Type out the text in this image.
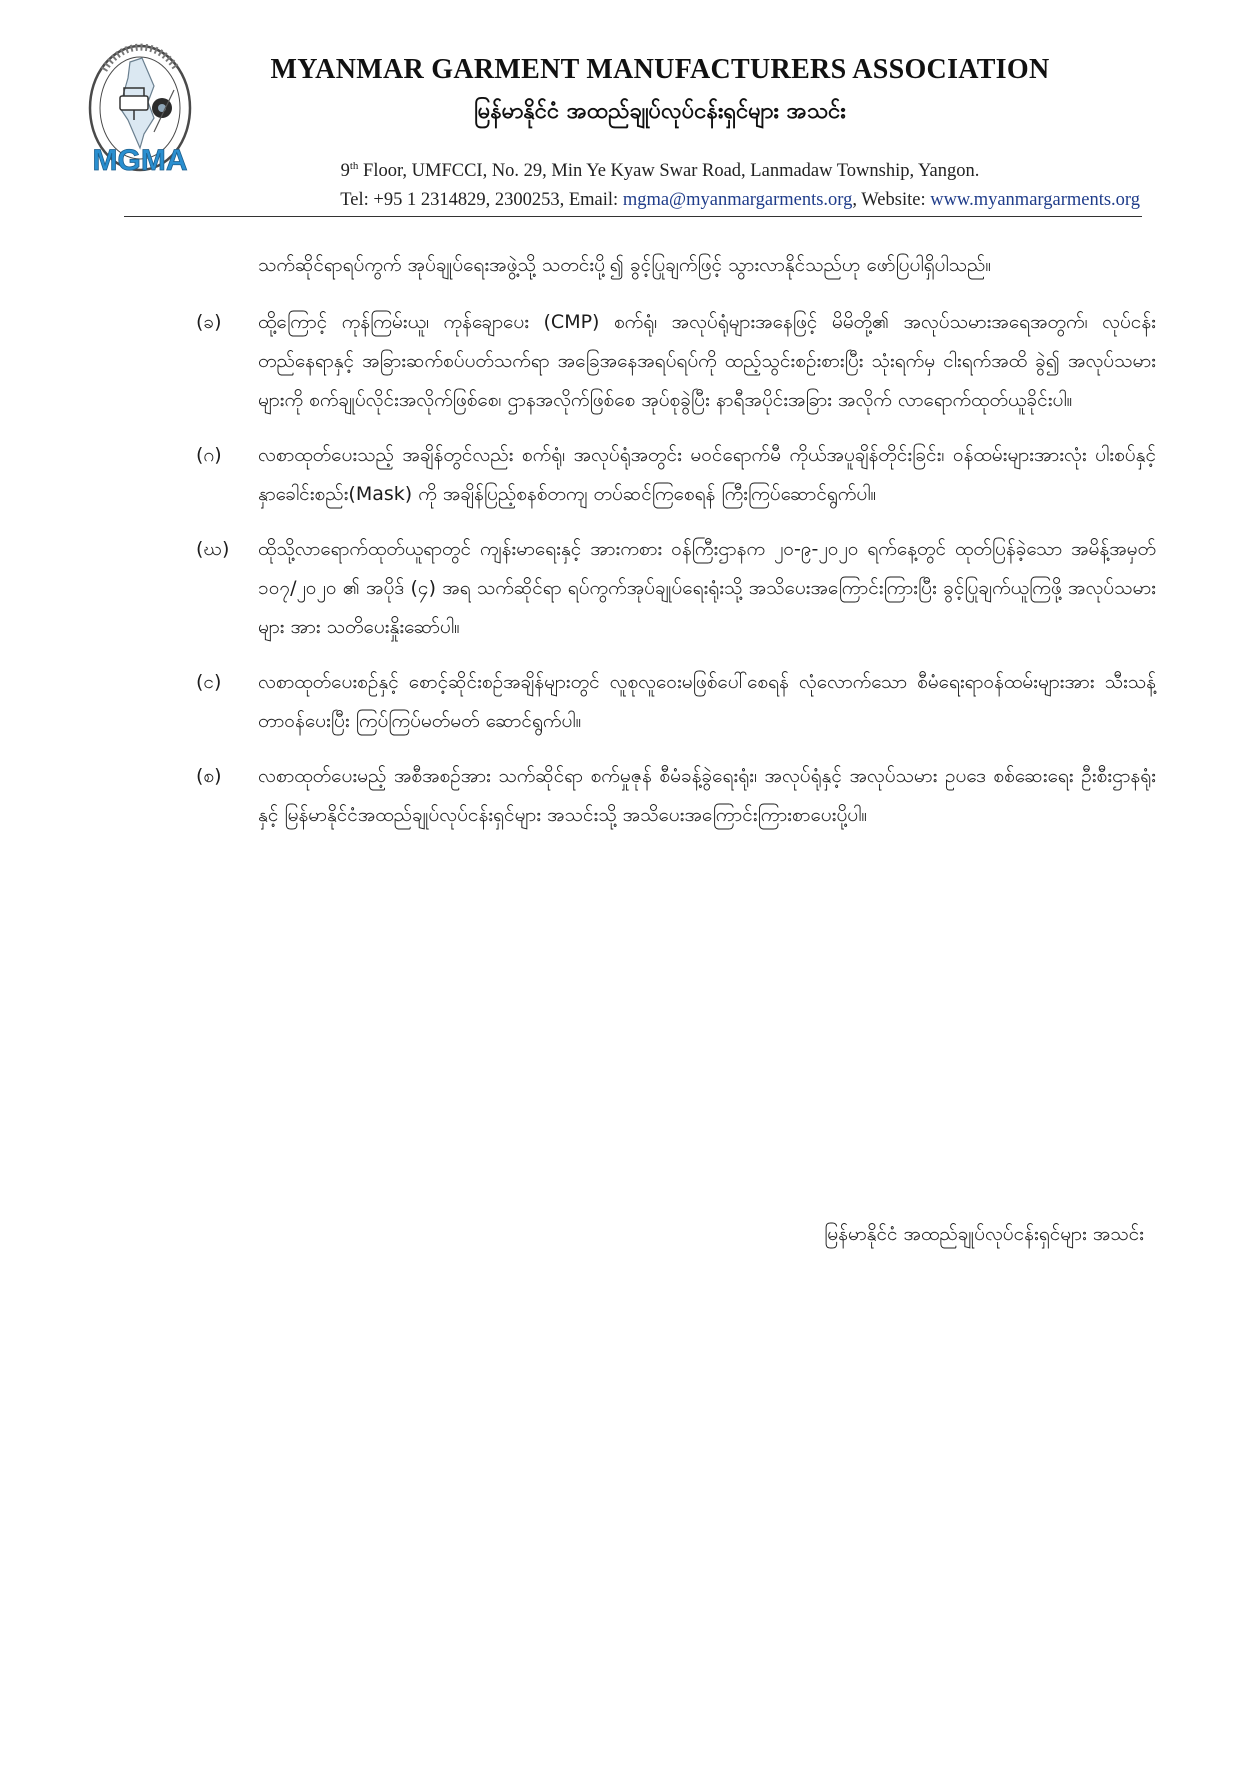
MGMA
MYANMAR GARMENT MANUFACTURERS ASSOCIATION
မြန်မာနိုင်ငံ အထည်ချုပ်လုပ်ငန်းရှင်များ အသင်း
9th Floor, UMFCCI, No. 29, Min Ye Kyaw Swar Road, Lanmadaw Township, Yangon.
Tel: +95 1 2314829, 2300253, Email: mgma@myanmargarments.org, Website: www.myanmargarments.org

သက်ဆိုင်ရာရပ်ကွက် အုပ်ချုပ်ရေးအဖွဲ့သို့ သတင်းပို့၍ ခွင့်ပြုချက်ဖြင့် သွားလာနိုင်သည်ဟု ဖော်ပြပါရှိပါသည်။

(ခ)	ထို့ကြောင့် ကုန်ကြမ်းယူ၊ ကုန်ချောပေး (CMP) စက်ရုံ၊ အလုပ်ရုံများအနေဖြင့် မိမိတို့၏ အလုပ်သမားအရေအတွက်၊ လုပ်ငန်းတည်နေရာနှင့် အခြားဆက်စပ်ပတ်သက်ရာ အခြေအနေအရပ်ရပ်ကို ထည့်သွင်းစဉ်းစားပြီး သုံးရက်မှ ငါးရက်အထိ ခွဲ၍ အလုပ်သမားများကို စက်ချုပ်လိုင်းအလိုက်ဖြစ်စေ၊ ဌာနအလိုက်ဖြစ်စေ အုပ်စုခွဲပြီး နာရီအပိုင်းအခြား အလိုက် လာရောက်ထုတ်ယူခိုင်းပါ။
(ဂ)	လစာထုတ်ပေးသည့် အချိန်တွင်လည်း စက်ရုံ၊ အလုပ်ရုံအတွင်း မဝင်ရောက်မီ ကိုယ်အပူချိန်တိုင်းခြင်း၊ ဝန်ထမ်းများအားလုံး ပါးစပ်နှင့်နှာခေါင်းစည်း(Mask) ကို အချိန်ပြည့်စနစ်တကျ တပ်ဆင်ကြစေရန် ကြီးကြပ်ဆောင်ရွက်ပါ။
(ဃ)	ထိုသို့လာရောက်ထုတ်ယူရာတွင် ကျန်းမာရေးနှင့် အားကစား ဝန်ကြီးဌာနက ၂၀-၉-၂၀၂၀ ရက်နေ့တွင် ထုတ်ပြန်ခဲ့သော အမိန့်အမှတ် ၁၀၇/၂၀၂၀ ၏ အပိုဒ် (၄) အရ သက်ဆိုင်ရာ ရပ်ကွက်အုပ်ချုပ်ရေးရုံးသို့ အသိပေးအကြောင်းကြားပြီး ခွင့်ပြုချက်ယူကြဖို့ အလုပ်သမားများ အား သတိပေးနှိုးဆော်ပါ။
(င)	လစာထုတ်ပေးစဉ်နှင့် စောင့်ဆိုင်းစဉ်အချိန်များတွင် လူစုလူဝေးမဖြစ်ပေါ်စေရန် လုံလောက်သော စီမံရေးရာဝန်ထမ်းများအား သီးသန့်တာဝန်ပေးပြီး ကြပ်ကြပ်မတ်မတ် ဆောင်ရွက်ပါ။
(စ)	လစာထုတ်ပေးမည့် အစီအစဉ်အား သက်ဆိုင်ရာ စက်မှုဇုန် စီမံခန့်ခွဲရေးရုံး၊ အလုပ်ရုံနှင့် အလုပ်သမား ဥပဒေ စစ်ဆေးရေး ဦးစီးဌာနရုံးနှင့် မြန်မာနိုင်ငံအထည်ချုပ်လုပ်ငန်းရှင်များ အသင်းသို့ အသိပေးအကြောင်းကြားစာပေးပို့ပါ။
မြန်မာနိုင်ငံ အထည်ချုပ်လုပ်ငန်းရှင်များ အသင်း
